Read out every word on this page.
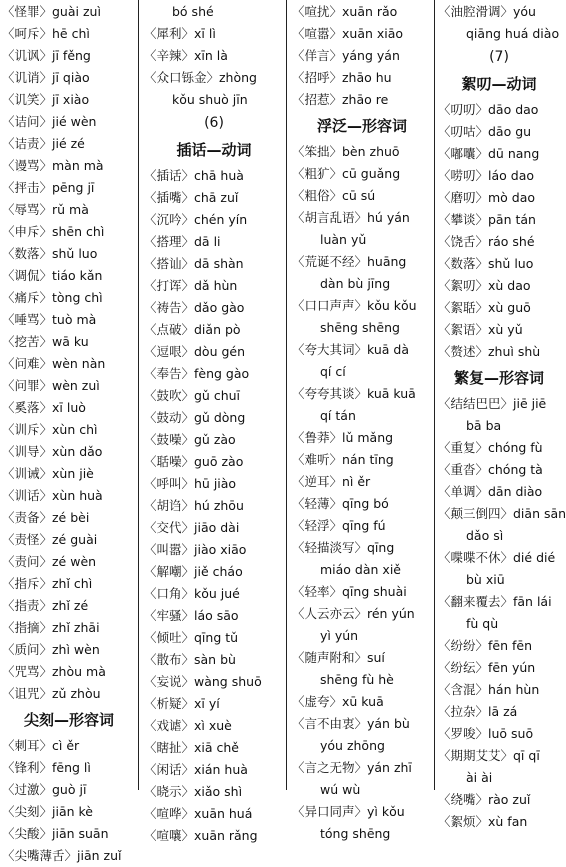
〈怪罪〉guài zuì
〈呵斥〉hē chì
〈讥讽〉jī fěng
〈讥诮〉jī qiào
〈讥笑〉jī xiào
〈诘问〉jié wèn
〈诘责〉jié zé
〈谩骂〉màn mà
〈抨击〉pēng jī
〈辱骂〉rǔ mà
〈申斥〉shēn chì
〈数落〉shǔ luo
〈调侃〉tiáo kǎn
〈痛斥〉tòng chì
〈唾骂〉tuò mà
〈挖苦〉wā ku
〈问难〉wèn nàn
〈问罪〉wèn zuì
〈奚落〉xī luò
〈训斥〉xùn chì
〈训导〉xùn dǎo
〈训诫〉xùn jiè
〈训话〉xùn huà
〈责备〉zé bèi
〈责怪〉zé guài
〈责问〉zé wèn
〈指斥〉zhǐ chì
〈指责〉zhǐ zé
〈指摘〉zhǐ zhāi
〈质问〉zhì wèn
〈咒骂〉zhòu mà
〈诅咒〉zǔ zhòu
尖刻—形容词
〈刺耳〉cì ěr
〈锋利〉fēng lì
〈过激〉guò jī
〈尖刻〉jiān kè
〈尖酸〉jiān suān
〈尖嘴薄舌〉jiān zuǐ
bó shé
〈犀利〉xī lì
〈辛辣〉xīn là
〈众口铄金〉zhòng
kǒu shuò jīn
(6)
插话—动词
〈插话〉chā huà
〈插嘴〉chā zuǐ
〈沉吟〉chén yín
〈搭理〉dā li
〈搭讪〉dā shàn
〈打诨〉dǎ hùn
〈祷告〉dǎo gào
〈点破〉diǎn pò
〈逗哏〉dòu gén
〈奉告〉fèng gào
〈鼓吹〉gǔ chuī
〈鼓动〉gǔ dòng
〈鼓噪〉gǔ zào
〈聒噪〉guō zào
〈呼叫〉hū jiào
〈胡诌〉hú zhōu
〈交代〉jiāo dài
〈叫嚣〉jiào xiāo
〈解嘲〉jiě cháo
〈口角〉kǒu jué
〈牢骚〉láo sāo
〈倾吐〉qīng tǔ
〈散布〉sàn bù
〈妄说〉wàng shuō
〈析疑〉xī yí
〈戏谑〉xì xuè
〈瞎扯〉xiā chě
〈闲话〉xián huà
〈晓示〉xiǎo shì
〈喧哗〉xuān huá
〈喧嚷〉xuān rǎng
〈喧扰〉xuān rǎo
〈喧嚣〉xuān xiāo
〈佯言〉yáng yán
〈招呼〉zhāo hu
〈招惹〉zhāo re
浮泛—形容词
〈笨拙〉bèn zhuō
〈粗犷〉cū guǎng
〈粗俗〉cū sú
〈胡言乱语〉hú yán
luàn yǔ
〈荒诞不经〉huāng
dàn bù jīng
〈口口声声〉kǒu kǒu
shēng shēng
〈夸大其词〉kuā dà
qí cí
〈夸夸其谈〉kuā kuā
qí tán
〈鲁莽〉lǔ mǎng
〈难听〉nán tīng
〈逆耳〉nì ěr
〈轻薄〉qīng bó
〈轻浮〉qīng fú
〈轻描淡写〉qīng
miáo dàn xiě
〈轻率〉qīng shuài
〈人云亦云〉rén yún
yì yún
〈随声附和〉suí
shēng fù hè
〈虚夸〉xū kuā
〈言不由衷〉yán bù
yóu zhōng
〈言之无物〉yán zhī
wú wù
〈异口同声〉yì kǒu
tóng shēng
〈油腔滑调〉yóu
qiāng huá diào
(7)
絮叨—动词
〈叨叨〉dāo dao
〈叨咕〉dāo gu
〈嘟囔〉dū nang
〈唠叨〉láo dao
〈磨叨〉mò dao
〈攀谈〉pān tán
〈饶舌〉ráo shé
〈数落〉shǔ luo
〈絮叨〉xù dao
〈絮聒〉xù guō
〈絮语〉xù yǔ
〈赘述〉zhuì shù
繁复—形容词
〈结结巴巴〉jiē jiē
bā ba
〈重复〉chóng fù
〈重沓〉chóng tà
〈单调〉dān diào
〈颠三倒四〉diān sān
dǎo sì
〈喋喋不休〉dié dié
bù xiū
〈翻来覆去〉fān lái
fù qù
〈纷纷〉fēn fēn
〈纷纭〉fēn yún
〈含混〉hán hùn
〈拉杂〉lā zá
〈罗唆〉luō suō
〈期期艾艾〉qī qī
ài ài
〈绕嘴〉rào zuǐ
〈絮烦〉xù fan
